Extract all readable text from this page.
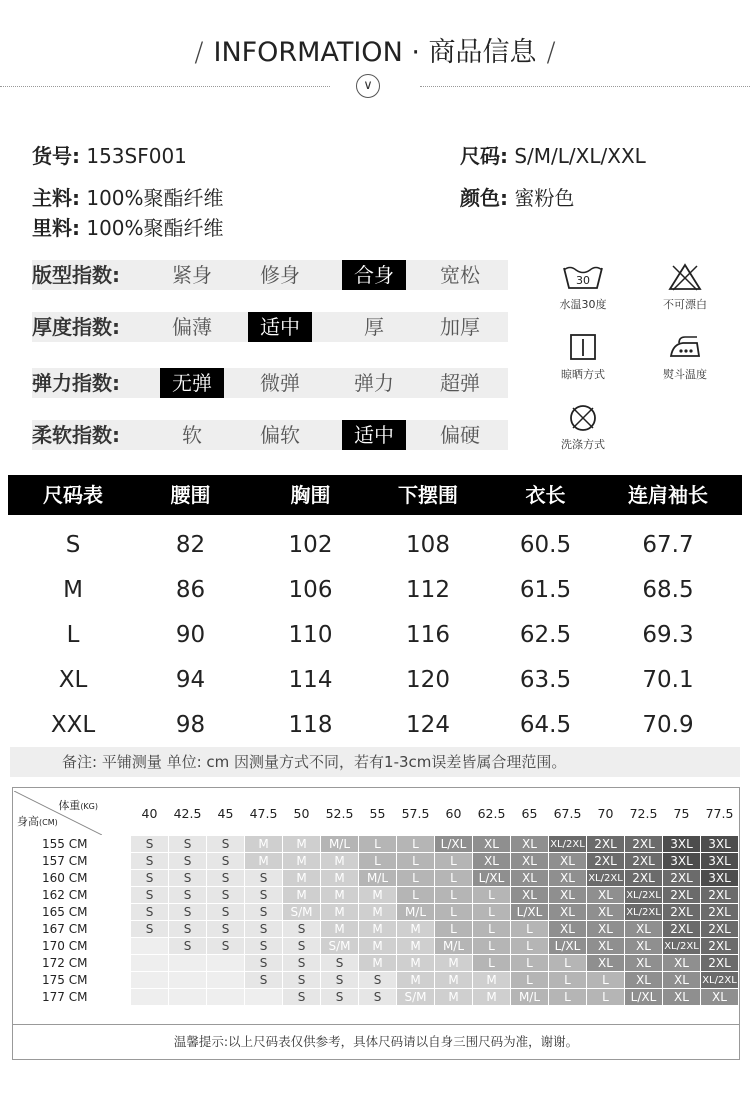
/ INFORMATION · 商品信息 /
∨
货号: 153SF001	尺码: S/M/L/XL/XXL
主料: 100%聚酯纤维	颜色: 蜜粉色
里料: 100%聚酯纤维
版型指数:	紧身	修身	合身	宽松
厚度指数:	偏薄	适中	厚	加厚
弹力指数:	无弹	微弹	弹力	超弹
柔软指数:	软	偏软	适中	偏硬
30
水温30度	不可漂白
晾晒方式	熨斗温度
洗涤方式
尺码表	腰围	胸围	下摆围	衣长	连肩袖长
S	82	102	108	60.5	67.7
M	86	106	112	61.5	68.5
L	90	110	116	62.5	69.3
XL	94	114	120	63.5	70.1
XXL	98	118	124	64.5	70.9
备注: 平铺测量 单位: cm 因测量方式不同，若有1-3cm误差皆属合理范围。
体重(KG)
身高(CM)	40	42.5	45	47.5	50	52.5	55	57.5	60	62.5	65	67.5	70	72.5	75	77.5
155 CM	S	S	S	M	M	M/L	L	L	L/XL	XL	XL	XL/2XL	2XL	2XL	3XL	3XL
157 CM	S	S	S	M	M	M	L	L	L	XL	XL	XL	2XL	2XL	3XL	3XL
160 CM	S	S	S	S	M	M	M/L	L	L	L/XL	XL	XL	XL/2XL	2XL	2XL	3XL
162 CM	S	S	S	S	M	M	M	L	L	L	XL	XL	XL	XL/2XL	2XL	2XL
165 CM	S	S	S	S	S/M	M	M	M/L	L	L	L/XL	XL	XL	XL/2XL	2XL	2XL
167 CM	S	S	S	S	S	M	M	M	L	L	L	XL	XL	XL	2XL	2XL
170 CM		S	S	S	S	S/M	M	M	M/L	L	L	L/XL	XL	XL	XL/2XL	2XL
172 CM				S	S	S	M	M	M	L	L	L	XL	XL	XL	2XL
175 CM				S	S	S	S	M	M	M	L	L	L	XL	XL	XL/2XL
177 CM					S	S	S	S/M	M	M	M/L	L	L	L/XL	XL	XL
温馨提示:以上尺码表仅供参考，具体尺码请以自身三围尺码为准，谢谢。
